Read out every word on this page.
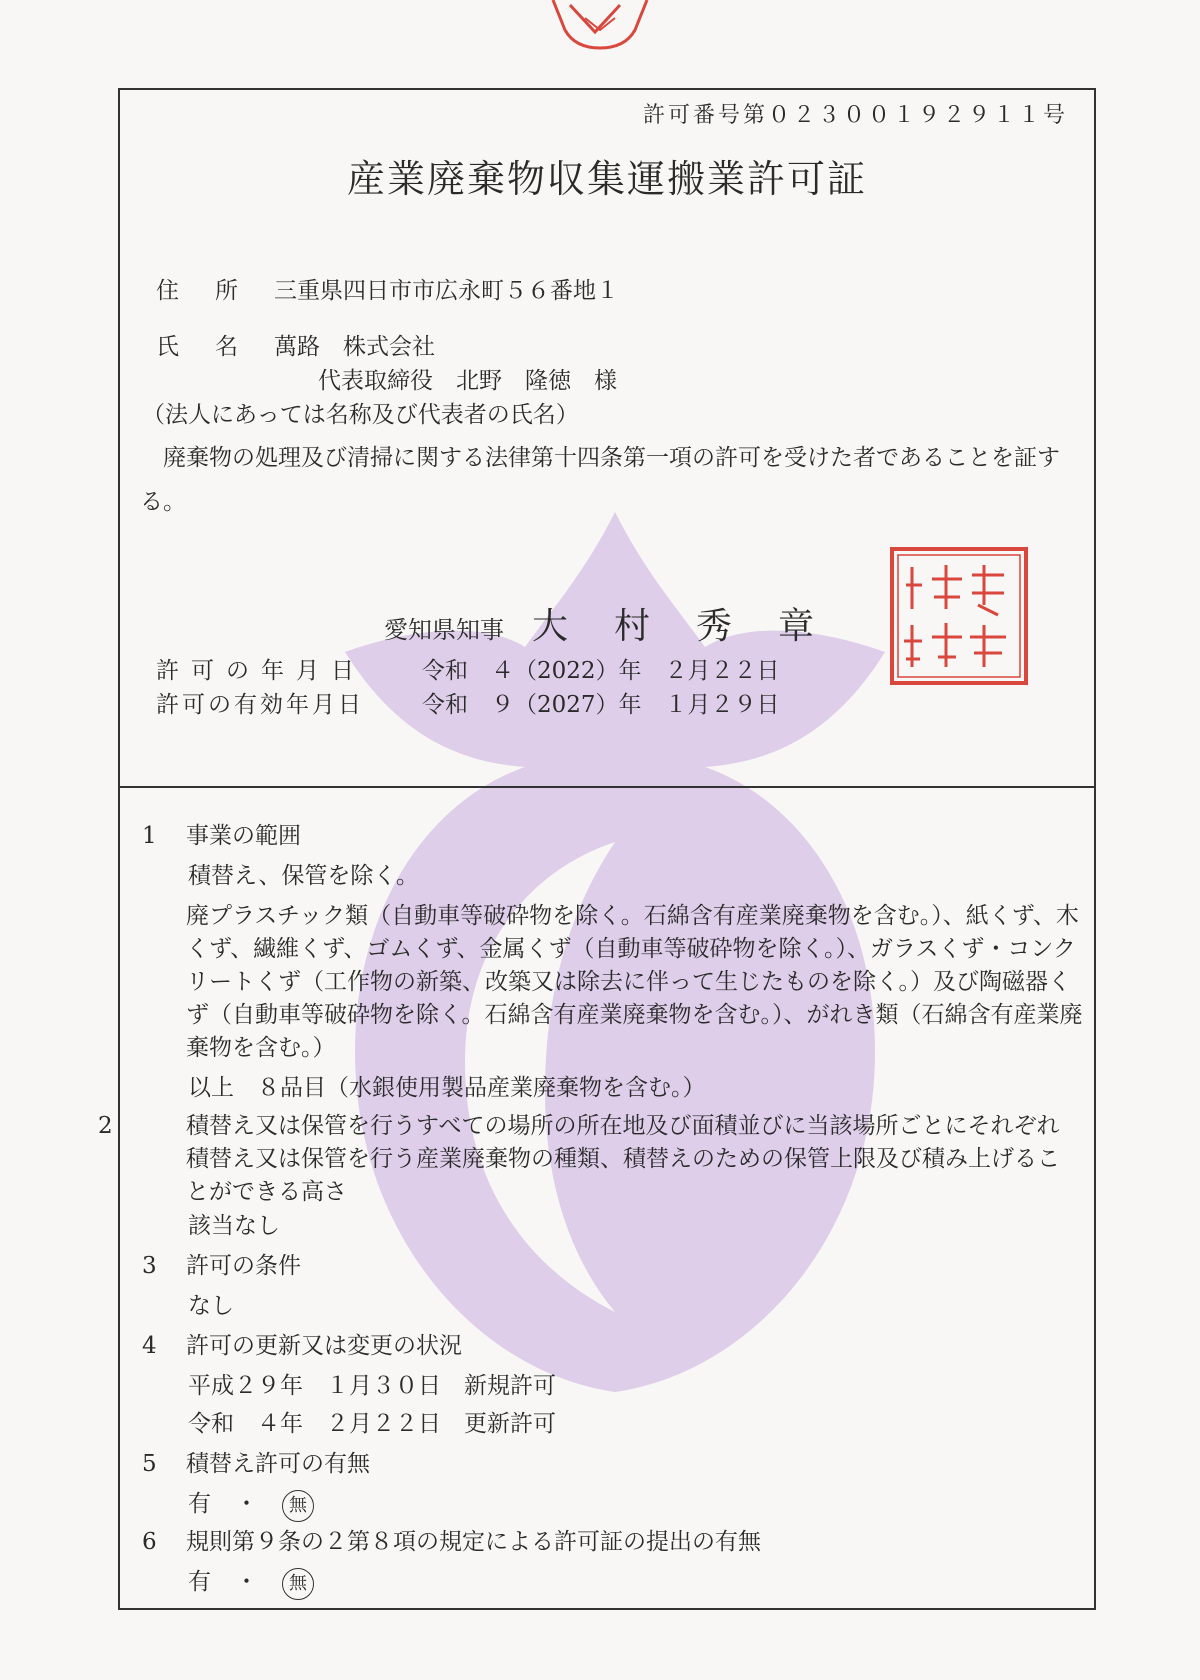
許可番号第０２３００１９２９１１号
産業廃棄物収集運搬業許可証
住所三重県四日市市広永町５６番地１
氏名萬路　株式会社
代表取締役　北野　隆徳　様
（法人にあっては名称及び代表者の氏名）
廃棄物の処理及び清掃に関する法律第十四条第一項の許可を受けた者であることを証する。
愛知県知事 大村秀章
許可の年月日 令和　４（2022）年　２月２２日
許可の有効年月日	令和　９（2027）年　１月２９日
1 事業の範囲
積替え、保管を除く。
廃プラスチック類（自動車等破砕物を除く。石綿含有産業廃棄物を含む。）、紙くず、木くず、繊維くず、ゴムくず、金属くず（自動車等破砕物を除く。）、ガラスくず・コンクリートくず（工作物の新築、改築又は除去に伴って生じたものを除く。）及び陶磁器くず（自動車等破砕物を除く。石綿含有産業廃棄物を含む。）、がれき類（石綿含有産業廃棄物を含む。）
以上　８品目（水銀使用製品産業廃棄物を含む。）
2	積替え又は保管を行うすべての場所の所在地及び面積並びに当該場所ごとにそれぞれ積替え又は保管を行う産業廃棄物の種類、積替えのための保管上限及び積み上げることができる高さ
該当なし
3 許可の条件
なし
4 許可の更新又は変更の状況
平成２９年　１月３０日　新規許可
令和　４年　２月２２日　更新許可
5 積替え許可の有無
有 ・ 無
6 規則第９条の２第８項の規定による許可証の提出の有無
有 ・ 無
